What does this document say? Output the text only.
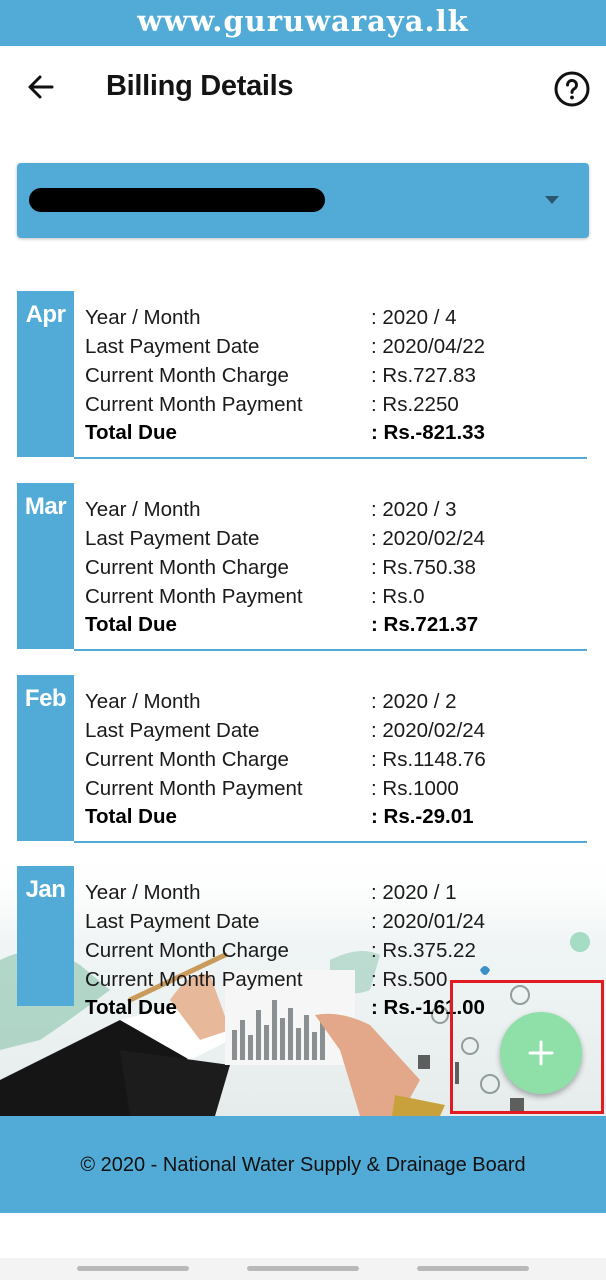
www.guruwaraya.lk
Billing Details
Apr Year / Month	: 2020 / 4
Last Payment Date	: 2020/04/22
Current Month Charge	: Rs.727.83
Current Month Payment	: Rs.2250
Total Due	: Rs.-821.33
Mar Year / Month	: 2020 / 3
Last Payment Date	: 2020/02/24
Current Month Charge	: Rs.750.38
Current Month Payment	: Rs.0
Total Due	: Rs.721.37
Feb Year / Month	: 2020 / 2
Last Payment Date	: 2020/02/24
Current Month Charge	: Rs.1148.76
Current Month Payment	: Rs.1000
Total Due	: Rs.-29.01
Jan Year / Month	: 2020 / 1
Last Payment Date	: 2020/01/24
Current Month Charge	: Rs.375.22
Current Month Payment	: Rs.500
Total Due	: Rs.-161.00
© 2020 - National Water Supply & Drainage Board
